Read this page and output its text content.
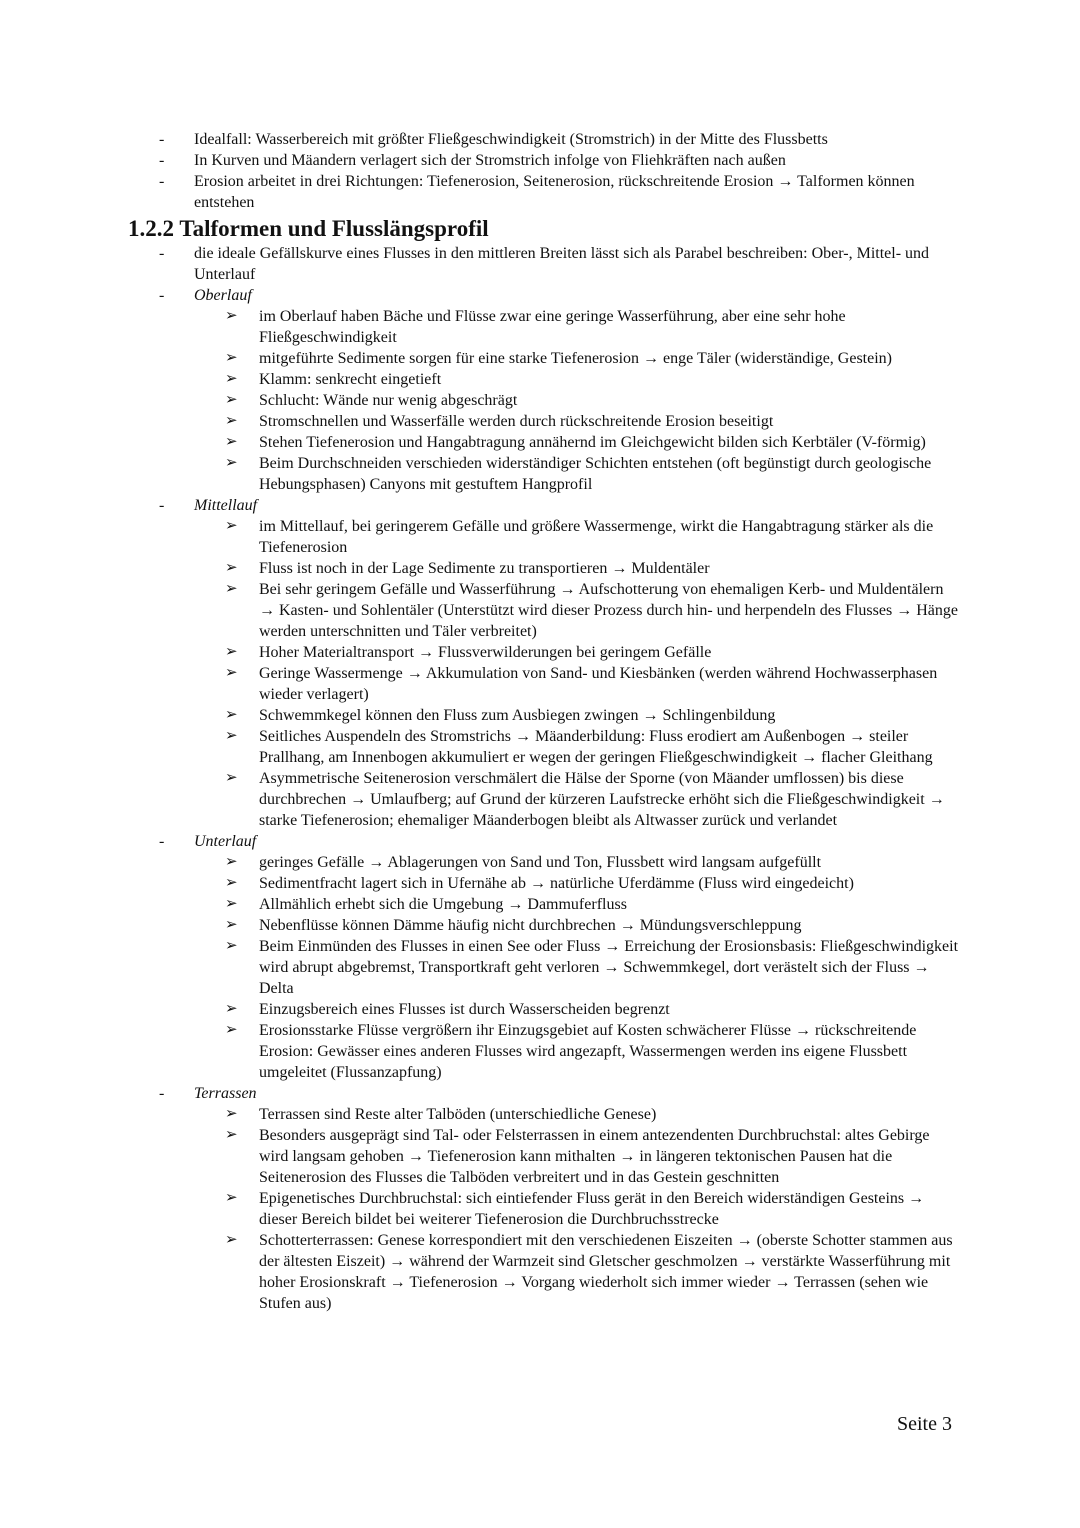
- Idealfall: Wasserbereich mit größter Fließgeschwindigkeit (Stromstrich) in der Mitte des Flussbetts
- In Kurven und Mäandern verlagert sich der Stromstrich infolge von Fliehkräften nach außen
- Erosion arbeitet in drei Richtungen: Tiefenerosion, Seitenerosion, rückschreitende Erosion → Talformen können entstehen
1.2.2 Talformen und Flusslängsprofil
- die ideale Gefällskurve eines Flusses in den mittleren Breiten lässt sich als Parabel beschreiben: Ober-, Mittel- und Unterlauf
- Oberlauf
➢ im Oberlauf haben Bäche und Flüsse zwar eine geringe Wasserführung, aber eine sehr hohe Fließgeschwindigkeit
➢ mitgeführte Sedimente sorgen für eine starke Tiefenerosion → enge Täler (widerständige, Gestein)
➢ Klamm: senkrecht eingetieft
➢ Schlucht: Wände nur wenig abgeschrägt
➢ Stromschnellen und Wasserfälle werden durch rückschreitende Erosion beseitigt
➢ Stehen Tiefenerosion und Hangabtragung annähernd im Gleichgewicht bilden sich Kerbtäler (V-förmig)
➢ Beim Durchschneiden verschieden widerständiger Schichten entstehen (oft begünstigt durch geologische Hebungsphasen) Canyons mit gestuftem Hangprofil
- Mittellauf
➢ im Mittellauf, bei geringerem Gefälle und größere Wassermenge, wirkt die Hangabtragung stärker als die Tiefenerosion
➢ Fluss ist noch in der Lage Sedimente zu transportieren → Muldentäler
➢ Bei sehr geringem Gefälle und Wasserführung → Aufschotterung von ehemaligen Kerb- und Muldentälern → Kasten- und Sohlentäler (Unterstützt wird dieser Prozess durch hin- und herpendeln des Flusses → Hänge werden unterschnitten und Täler verbreitet)
➢ Hoher Materialtransport → Flussverwilderungen bei geringem Gefälle
➢ Geringe Wassermenge → Akkumulation von Sand- und Kiesbänken (werden während Hochwasserphasen wieder verlagert)
➢ Schwemmkegel können den Fluss zum Ausbiegen zwingen → Schlingenbildung
➢ Seitliches Auspendeln des Stromstrichs → Mäanderbildung: Fluss erodiert am Außenbogen → steiler Prallhang, am Innenbogen akkumuliert er wegen der geringen Fließgeschwindigkeit → flacher Gleithang
➢ Asymmetrische Seitenerosion verschmälert die Hälse der Sporne (von Mäander umflossen) bis diese durchbrechen → Umlaufberg; auf Grund der kürzeren Laufstrecke erhöht sich die Fließgeschwindigkeit → starke Tiefenerosion; ehemaliger Mäanderbogen bleibt als Altwasser zurück und verlandet
- Unterlauf
➢ geringes Gefälle → Ablagerungen von Sand und Ton, Flussbett wird langsam aufgefüllt
➢ Sedimentfracht lagert sich in Ufernähe ab → natürliche Uferdämme (Fluss wird eingedeicht)
➢ Allmählich erhebt sich die Umgebung → Dammuferfluss
➢ Nebenflüsse können Dämme häufig nicht durchbrechen → Mündungsverschleppung
➢ Beim Einmünden des Flusses in einen See oder Fluss → Erreichung der Erosionsbasis: Fließgeschwindigkeit wird abrupt abgebremst, Transportkraft geht verloren → Schwemmkegel, dort verästelt sich der Fluss → Delta
➢ Einzugsbereich eines Flusses ist durch Wasserscheiden begrenzt
➢ Erosionsstarke Flüsse vergrößern ihr Einzugsgebiet auf Kosten schwächerer Flüsse → rückschreitende Erosion: Gewässer eines anderen Flusses wird angezapft, Wassermengen werden ins eigene Flussbett umgeleitet (Flussanzapfung)
- Terrassen
➢ Terrassen sind Reste alter Talböden (unterschiedliche Genese)
➢ Besonders ausgeprägt sind Tal- oder Felsterrassen in einem antezendenten Durchbruchstal: altes Gebirge wird langsam gehoben → Tiefenerosion kann mithalten → in längeren tektonischen Pausen hat die Seitenerosion des Flusses die Talböden verbreitert und in das Gestein geschnitten
➢ Epigenetisches Durchbruchstal: sich eintiefender Fluss gerät in den Bereich widerständigen Gesteins → dieser Bereich bildet bei weiterer Tiefenerosion die Durchbruchsstrecke
➢ Schotterterrassen: Genese korrespondiert mit den verschiedenen Eiszeiten → (oberste Schotter stammen aus der ältesten Eiszeit) → während der Warmzeit sind Gletscher geschmolzen → verstärkte Wasserführung mit hoher Erosionskraft → Tiefenerosion → Vorgang wiederholt sich immer wieder → Terrassen (sehen wie Stufen aus)
Seite 3
